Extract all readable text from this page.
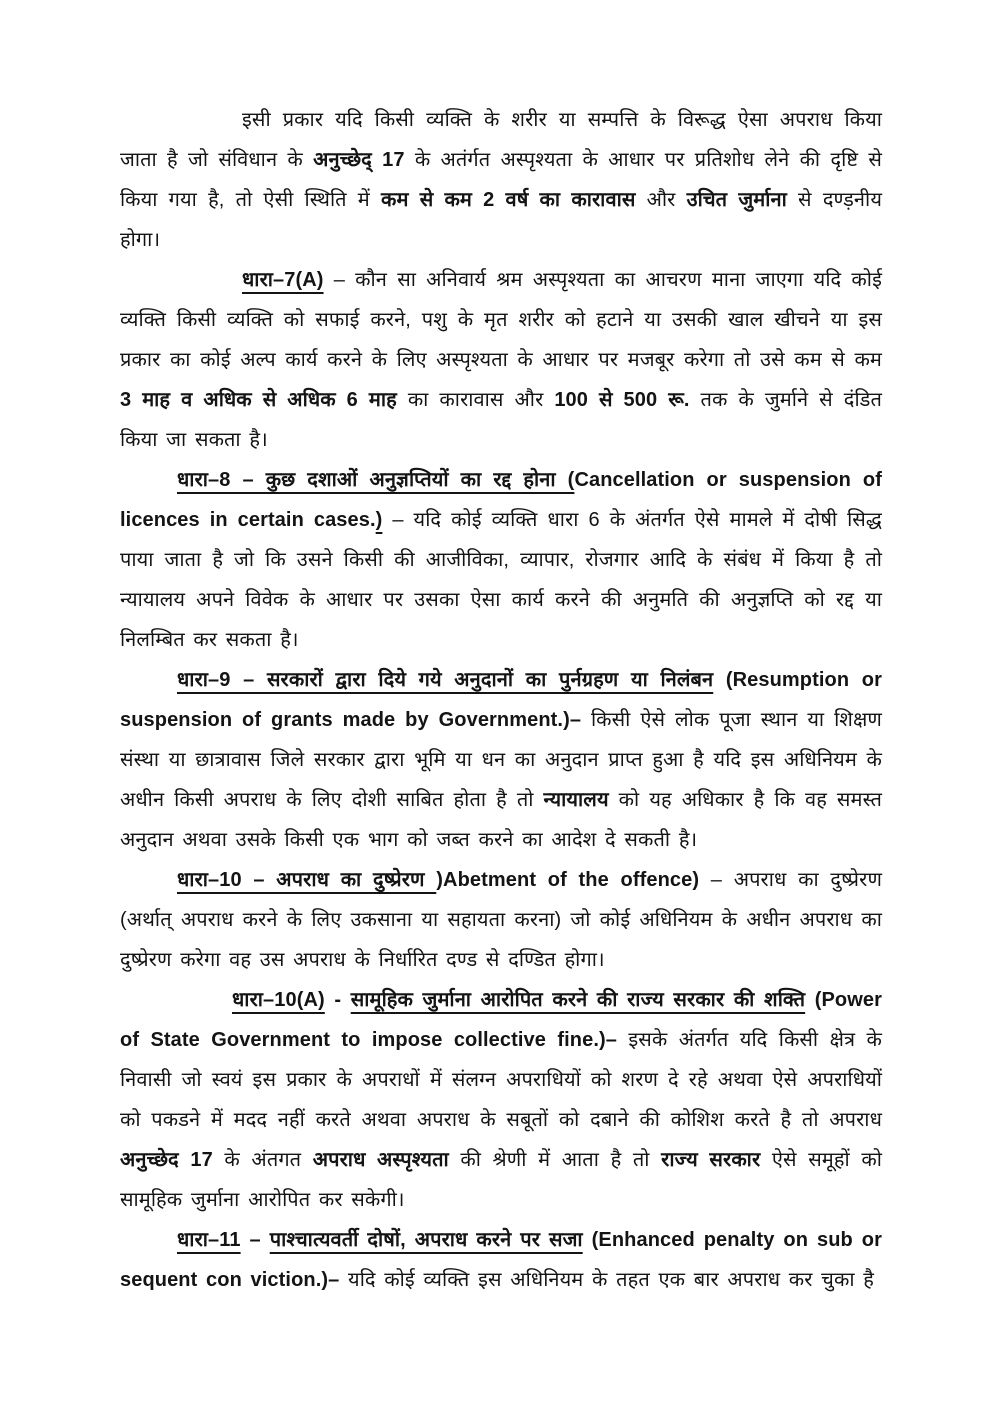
इसी प्रकार यदि किसी व्यक्ति के शरीर या सम्पत्ति के विरूद्ध ऐसा अपराध किया जाता है जो संविधान के अनुच्छेद् 17 के अतंर्गत अस्पृश्यता के आधार पर प्रतिशोध लेने की दृष्टि से किया गया है, तो ऐसी स्थिति में कम से कम 2 वर्ष का कारावास और उचित जुर्माना से दण्ड़नीय होगा।

धारा–7(A) – कौन सा अनिवार्य श्रम अस्पृश्यता का आचरण माना जाएगा यदि कोई व्यक्ति किसी व्यक्ति को सफाई करने, पशु के मृत शरीर को हटाने या उसकी खाल खीचने या इस प्रकार का कोई अल्प कार्य करने के लिए अस्पृश्यता के आधार पर मजबूर करेगा तो उसे कम से कम 3 माह व अधिक से अधिक 6 माह का कारावास और 100 से 500 रू. तक के जुर्माने से दंडित किया जा सकता है।

धारा–8 – कुछ दशाओं अनुज्ञप्तियों का रद्द होना (Cancellation or suspension of licences in certain cases.) – यदि कोई व्यक्ति धारा 6 के अंतर्गत ऐसे मामले में दोषी सिद्ध पाया जाता है जो कि उसने किसी की आजीविका, व्यापार, रोजगार आदि के संबंध में किया है तो न्यायालय अपने विवेक के आधार पर उसका ऐसा कार्य करने की अनुमति की अनुज्ञप्ति को रद्द या निलम्बित कर सकता है।

धारा–9 – सरकारों द्वारा दिये गये अनुदानों का पुर्नग्रहण या निलंबन (Resumption or suspension of grants made by Government.)– किसी ऐसे लोक पूजा स्थान या शिक्षण संस्था या छात्रावास जिले सरकार द्वारा भूमि या धन का अनुदान प्राप्त हुआ है यदि इस अधिनियम के अधीन किसी अपराध के लिए दोशी साबित होता है तो न्यायालय को यह अधिकार है कि वह समस्त अनुदान अथवा उसके किसी एक भाग को जब्त करने का आदेश दे सकती है।

धारा–10 – अपराध का दुष्प्रेरण )Abetment of the offence) – अपराध का दुष्प्रेरण (अर्थात् अपराध करने के लिए उकसाना या सहायता करना) जो कोई अधिनियम के अधीन अपराध का दुष्प्रेरण करेगा वह उस अपराध के निर्धारित दण्ड से दण्डित होगा।

धारा–10(A) - सामूहिक जुर्माना आरोपित करने की राज्य सरकार की शक्ति (Power of State Government to impose collective fine.)– इसके अंतर्गत यदि किसी क्षेत्र के निवासी जो स्वयं इस प्रकार के अपराधों में संलग्न अपराधियों को शरण दे रहे अथवा ऐसे अपराधियों को पकडने में मदद नहीं करते अथवा अपराध के सबूतों को दबाने की कोशिश करते है तो अपराध अनुच्छेद 17 के अंतगत अपराध अस्पृश्यता की श्रेणी में आता है तो राज्य सरकार ऐसे समूहों को सामूहिक जुर्माना आरोपित कर सकेगी।

धारा–11 – पाश्चात्यवर्ती दोषों, अपराध करने पर सजा (Enhanced penalty on sub or sequent con viction.)– यदि कोई व्यक्ति इस अधिनियम के तहत एक बार अपराध कर चुका है
